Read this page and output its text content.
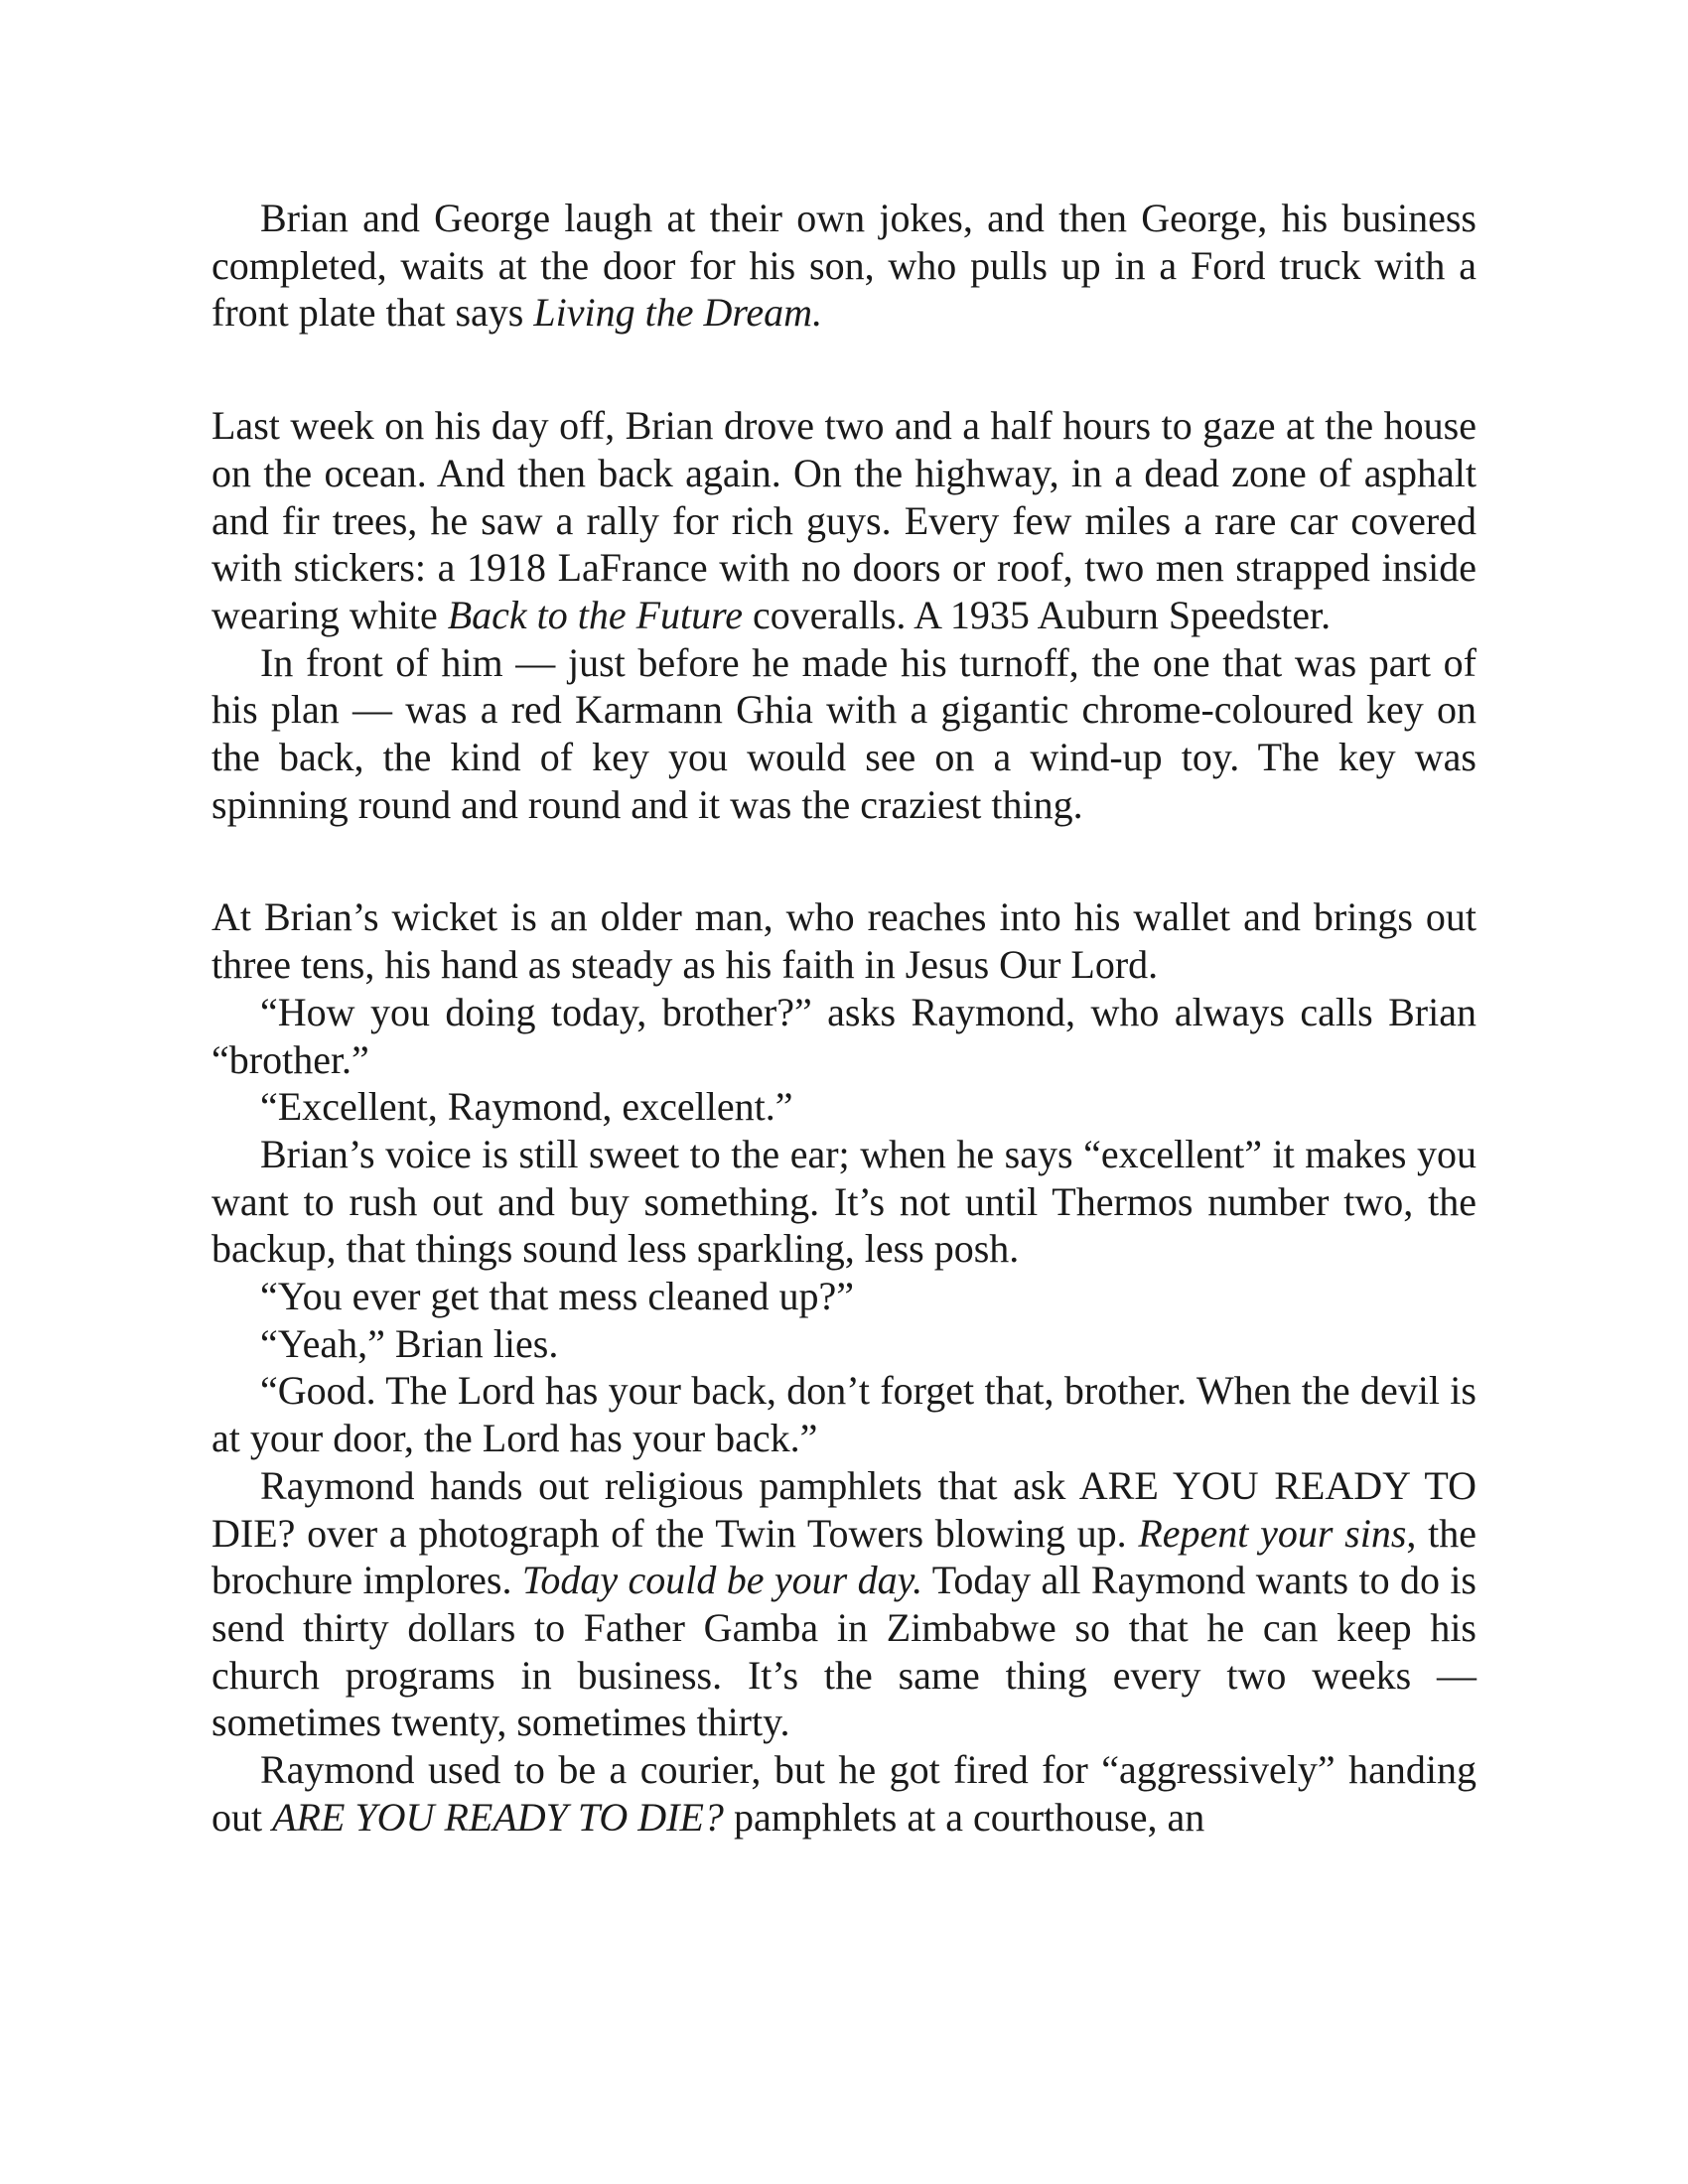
Brian and George laugh at their own jokes, and then George, his business completed, waits at the door for his son, who pulls up in a Ford truck with a front plate that says Living the Dream.

Last week on his day off, Brian drove two and a half hours to gaze at the house on the ocean. And then back again. On the highway, in a dead zone of asphalt and fir trees, he saw a rally for rich guys. Every few miles a rare car covered with stickers: a 1918 LaFrance with no doors or roof, two men strapped inside wearing white Back to the Future coveralls. A 1935 Auburn Speedster.

In front of him — just before he made his turnoff, the one that was part of his plan — was a red Karmann Ghia with a gigantic chrome-coloured key on the back, the kind of key you would see on a wind-up toy. The key was spinning round and round and it was the craziest thing.

At Brian’s wicket is an older man, who reaches into his wallet and brings out three tens, his hand as steady as his faith in Jesus Our Lord.

“How you doing today, brother?” asks Raymond, who always calls Brian “brother.”

“Excellent, Raymond, excellent.”

Brian’s voice is still sweet to the ear; when he says “excellent” it makes you want to rush out and buy something. It’s not until Thermos number two, the backup, that things sound less sparkling, less posh.

“You ever get that mess cleaned up?”

“Yeah,” Brian lies.

“Good. The Lord has your back, don’t forget that, brother. When the devil is at your door, the Lord has your back.”

Raymond hands out religious pamphlets that ask ARE YOU READY TO DIE? over a photograph of the Twin Towers blowing up. Repent your sins, the brochure implores. Today could be your day. Today all Raymond wants to do is send thirty dollars to Father Gamba in Zimbabwe so that he can keep his church programs in business. It’s the same thing every two weeks — sometimes twenty, sometimes thirty.

Raymond used to be a courier, but he got fired for “aggressively” handing out ARE YOU READY TO DIE? pamphlets at a courthouse, an
